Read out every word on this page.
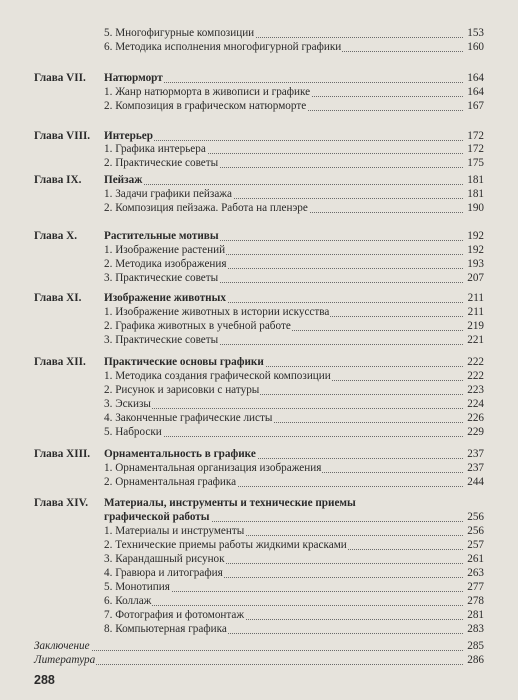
5. Многофигурные композиции	153
6. Методика исполнения многофигурной графики	160
Глава VII. Натюрморт	164
1. Жанр натюрморта в живописи и графике	164
2. Композиция в графическом натюрморте	167
Глава VIII. Интерьер	172
1. Графика интерьера	172
2. Практические советы	175
Глава IX. Пейзаж	181
1. Задачи графики пейзажа	181
2. Композиция пейзажа. Работа на пленэре	190
Глава X. Растительные мотивы	192
1. Изображение растений	192
2. Методика изображения	193
3. Практические советы	207
Глава XI. Изображение животных	211
1. Изображение животных в истории искусства	211
2. Графика животных в учебной работе	219
3. Практические советы	221
Глава XII. Практические основы графики	222
1. Методика создания графической композиции	222
2. Рисунок и зарисовки с натуры	223
3. Эскизы	224
4. Законченные графические листы	226
5. Наброски	229
Глава XIII. Орнаментальность в графике	237
1. Орнаментальная организация изображения	237
2. Орнаментальная графика	244
Глава XIV. Материалы, инструменты и технические приемы
графической работы	256
1. Материалы и инструменты	256
2. Технические приемы работы жидкими красками	257
3. Карандашный рисунок	261
4. Гравюра и литография	263
5. Монотипия	277
6. Коллаж	278
7. Фотография и фотомонтаж	281
8. Компьютерная графика	283
Заключение	285
Литература	286
288
